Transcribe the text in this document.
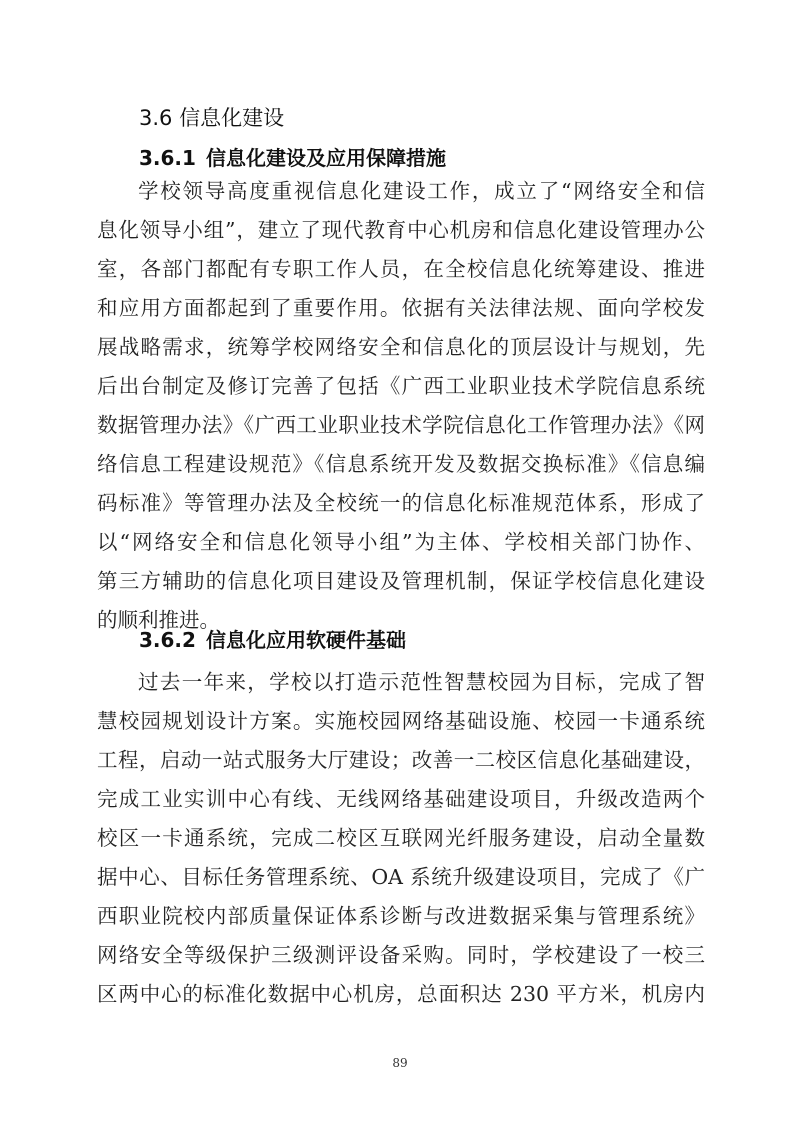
3.6 信息化建设
3.6.1 信息化建设及应用保障措施
学校领导高度重视信息化建设工作，成立了“网络安全和信
息化领导小组”，建立了现代教育中心机房和信息化建设管理办公
室，各部门都配有专职工作人员，在全校信息化统筹建设、推进
和应用方面都起到了重要作用。依据有关法律法规、面向学校发
展战略需求，统筹学校网络安全和信息化的顶层设计与规划，先
后出台制定及修订完善了包括《广西工业职业技术学院信息系统
数据管理办法》《广西工业职业技术学院信息化工作管理办法》《网
络信息工程建设规范》《信息系统开发及数据交换标准》《信息编
码标准》等管理办法及全校统一的信息化标准规范体系，形成了
以“网络安全和信息化领导小组”为主体、学校相关部门协作、
第三方辅助的信息化项目建设及管理机制，保证学校信息化建设
的顺利推进。
3.6.2 信息化应用软硬件基础
过去一年来，学校以打造示范性智慧校园为目标，完成了智
慧校园规划设计方案。实施校园网络基础设施、校园一卡通系统
工程，启动一站式服务大厅建设；改善一二校区信息化基础建设，
完成工业实训中心有线、无线网络基础建设项目，升级改造两个
校区一卡通系统，完成二校区互联网光纤服务建设，启动全量数
据中心、目标任务管理系统、OA 系统升级建设项目，完成了《广
西职业院校内部质量保证体系诊断与改进数据采集与管理系统》
网络安全等级保护三级测评设备采购。同时，学校建设了一校三
区两中心的标准化数据中心机房，总面积达 230 平方米，机房内
89
